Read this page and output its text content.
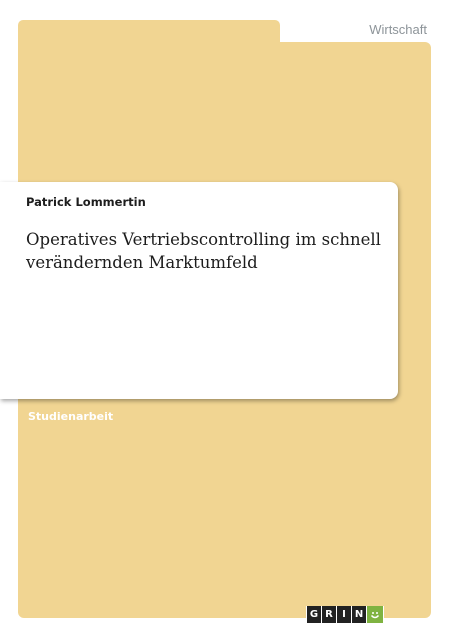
Wirtschaft
Patrick Lommertin
Operatives Vertriebscontrolling im schnell verändernden Marktumfeld
Studienarbeit
G R I N
